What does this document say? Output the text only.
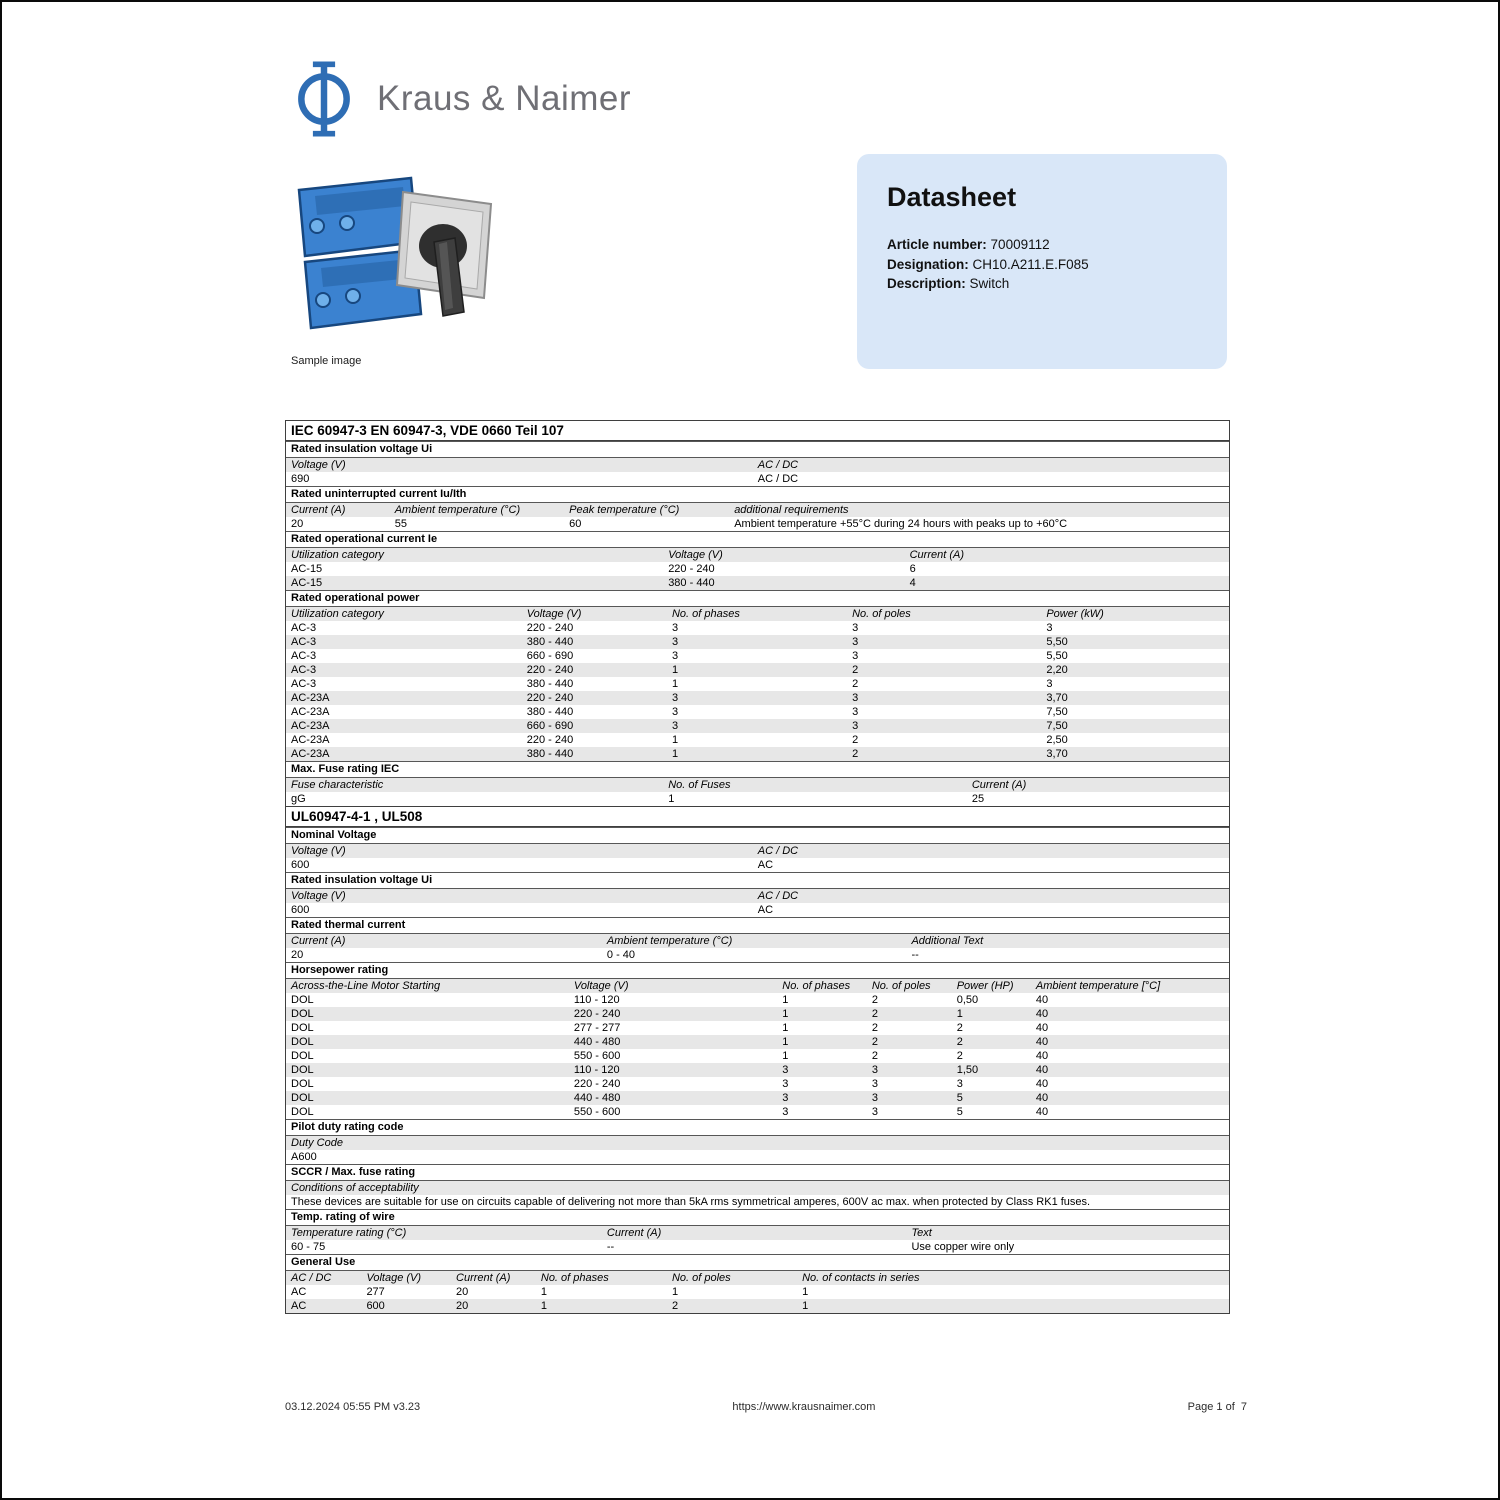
Kraus & Naimer
Sample image
Datasheet
Article number: 70009112
Designation: CH10.A211.E.F085
Description: Switch
IEC 60947-3 EN 60947-3, VDE 0660 Teil 107
Rated insulation voltage Ui
Voltage (V)	AC / DC
690	AC / DC
Rated uninterrupted current Iu/Ith
Current (A)	Ambient temperature (°C)	Peak temperature (°C)	additional requirements
20	55	60	Ambient temperature +55°C during 24 hours with peaks up to +60°C
Rated operational current Ie
Utilization category	Voltage (V)	Current (A)
AC-15	220 - 240	6
AC-15	380 - 440	4
Rated operational power
Utilization category	Voltage (V)	No. of phases	No. of poles	Power (kW)
AC-3	220 - 240	3	3	3
AC-3	380 - 440	3	3	5,50
AC-3	660 - 690	3	3	5,50
AC-3	220 - 240	1	2	2,20
AC-3	380 - 440	1	2	3
AC-23A	220 - 240	3	3	3,70
AC-23A	380 - 440	3	3	7,50
AC-23A	660 - 690	3	3	7,50
AC-23A	220 - 240	1	2	2,50
AC-23A	380 - 440	1	2	3,70
Max. Fuse rating IEC
Fuse characteristic	No. of Fuses	Current (A)
gG	1	25
UL60947-4-1 , UL508
Nominal Voltage
Voltage (V)	AC / DC
600	AC
Rated insulation voltage Ui
Voltage (V)	AC / DC
600	AC
Rated thermal current
Current (A)	Ambient temperature (°C)	Additional Text
20	0 - 40	--
Horsepower rating
Across-the-Line Motor Starting	Voltage (V)	No. of phases	No. of poles	Power (HP)	Ambient temperature [°C]
DOL	110 - 120	1	2	0,50	40
DOL	220 - 240	1	2	1	40
DOL	277 - 277	1	2	2	40
DOL	440 - 480	1	2	2	40
DOL	550 - 600	1	2	2	40
DOL	110 - 120	3	3	1,50	40
DOL	220 - 240	3	3	3	40
DOL	440 - 480	3	3	5	40
DOL	550 - 600	3	3	5	40
Pilot duty rating code
Duty Code
A600
SCCR / Max. fuse rating
Conditions of acceptability
These devices are suitable for use on circuits capable of delivering not more than 5kA rms symmetrical amperes, 600V ac max. when protected by Class RK1 fuses.
Temp. rating of wire
Temperature rating (°C)	Current (A)	Text
60 - 75	--	Use copper wire only
General Use
AC / DC	Voltage (V)	Current (A)	No. of phases	No. of poles	No. of contacts in series
AC	277	20	1	1	1
AC	600	20	1	2	1
03.12.2024 05:55 PM v3.23	https://www.krausnaimer.com	Page 1 of  7
